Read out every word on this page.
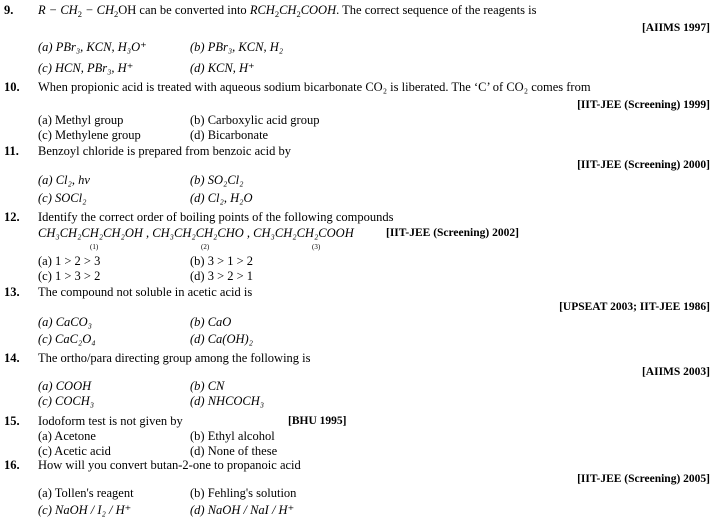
9. $R - CH_2 - CH_2OH$ can be converted into $RCH_2CH_2COOH$. The correct sequence of the reagents is
[AIIMS 1997]
(a) PBr₃, KCN, H₃O⁺	(b) PBr₃, KCN, H₂
(c) HCN, PBr₃, H⁺	(d) KCN, H⁺
10. When propionic acid is treated with aqueous sodium bicarbonate CO₂ is liberated. The ‘C’ of CO₂ comes from
[IIT-JEE (Screening) 1999]
(a) Methyl group	(b) Carboxylic acid group
(c) Methylene group	(d) Bicarbonate
11. Benzoyl chloride is prepared from benzoic acid by
[IIT-JEE (Screening) 2000]
(a) Cl₂, hν	(b) SO₂Cl₂
(c) SOCl₂	(d) Cl₂, H₂O
12. Identify the correct order of boiling points of the following compounds
CH₃CH₂CH₂CH₂OH , CH₃CH₂CH₂CHO , CH₃CH₂CH₂COOH	[IIT-JEE (Screening) 2002]
(1)	(2)	(3)
(a) 1 > 2 > 3	(b) 3 > 1 > 2
(c) 1 > 3 > 2	(d) 3 > 2 > 1
13. The compound not soluble in acetic acid is
[UPSEAT 2003; IIT-JEE 1986]
(a) CaCO₃	(b) CaO
(c) CaC₂O₄	(d) Ca(OH)₂
14. The ortho/para directing group among the following is
[AIIMS 2003]
(a) COOH	(b) CN
(c) COCH₃	(d) NHCOCH₃
15. Iodoform test is not given by	[BHU 1995]
(a) Acetone	(b) Ethyl alcohol
(c) Acetic acid	(d) None of these
16. How will you convert butan-2-one to propanoic acid
[IIT-JEE (Screening) 2005]
(a) Tollen's reagent	(b) Fehling's solution
(c) NaOH / I₂ / H⁺	(d) NaOH / NaI / H⁺
